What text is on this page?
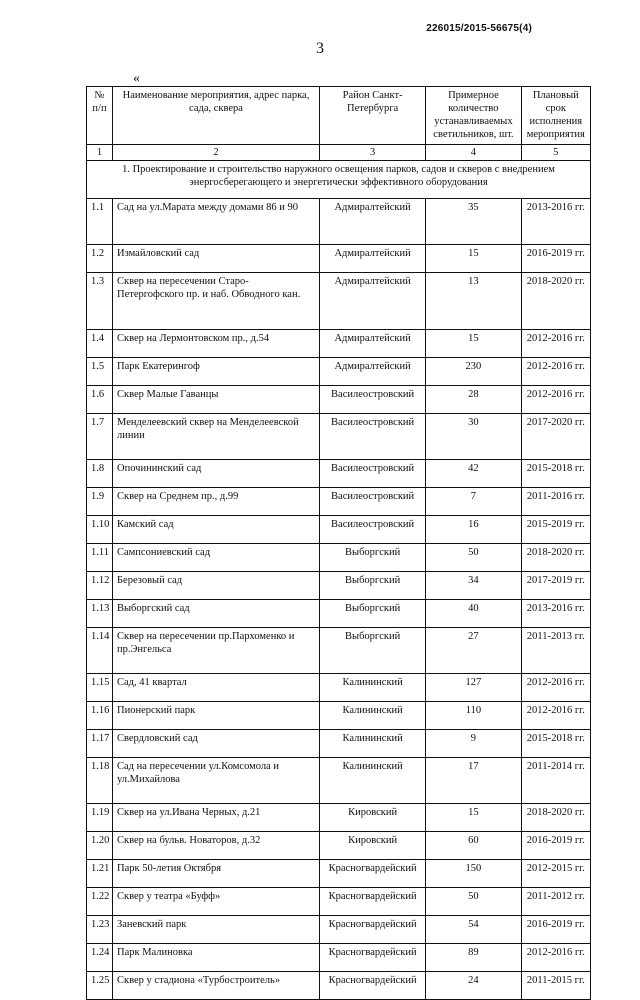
226015/2015-56675(4)
3
«
№ п/п	Наименование мероприятия, адрес парка, сада, сквера	Район Санкт-Петербурга	Примерное количество устанавливаемых светильников, шт.	Плановый срок исполнения мероприятия
1	2	3	4	5
1. Проектирование и строительство наружного освещения парков, садов и скверов с внедрением энергосберегающего и энергетически эффективного оборудования				
1.1	Сад на ул.Марата между домами 86 и 90	Адмиралтейский	35	2013-2016 гг.
1.2	Измайловский сад	Адмиралтейский	15	2016-2019 гг.
1.3	Сквер на пересечении Старо-Петергофского пр. и наб. Обводного кан.	Адмиралтейский	13	2018-2020 гг.
1.4	Сквер на Лермонтовском пр., д.54	Адмиралтейский	15	2012-2016 гг.
1.5	Парк Екатерингоф	Адмиралтейский	230	2012-2016 гг.
1.6	Сквер Малые Гаванцы	Василеостровский	28	2012-2016 гг.
1.7	Менделеевский сквер на Менделеевской линии	Василеостровский	30	2017-2020 гг.
1.8	Опочининский сад	Василеостровский	42	2015-2018 гг.
1.9	Сквер на Среднем пр., д.99	Василеостровский	7	2011-2016 гг.
1.10	Камский сад	Василеостровский	16	2015-2019 гг.
1.11	Сампсониевский сад	Выборгский	50	2018-2020 гг.
1.12	Березовый сад	Выборгский	34	2017-2019 гг.
1.13	Выборгский сад	Выборгский	40	2013-2016 гг.
1.14	Сквер на пересечении пр.Пархоменко и пр.Энгельса	Выборгский	27	2011-2013 гг.
1.15	Сад, 41 квартал	Калининский	127	2012-2016 гг.
1.16	Пионерский парк	Калининский	110	2012-2016 гг.
1.17	Свердловский сад	Калининский	9	2015-2018 гг.
1.18	Сад на пересечении ул.Комсомола и ул.Михайлова	Калининский	17	2011-2014 гг.
1.19	Сквер на ул.Ивана Черных, д.21	Кировский	15	2018-2020 гг.
1.20	Сквер на бульв. Новаторов, д.32	Кировский	60	2016-2019 гг.
1.21	Парк 50-летия Октября	Красногвардейский	150	2012-2015 гг.
1.22	Сквер у театра «Буфф»	Красногвардейский	50	2011-2012 гг.
1.23	Заневский парк	Красногвардейский	54	2016-2019 гг.
1.24	Парк Малиновка	Красногвардейский	89	2012-2016 гг.
1.25	Сквер у стадиона «Турбостроитель»	Красногвардейский	24	2011-2015 гг.
